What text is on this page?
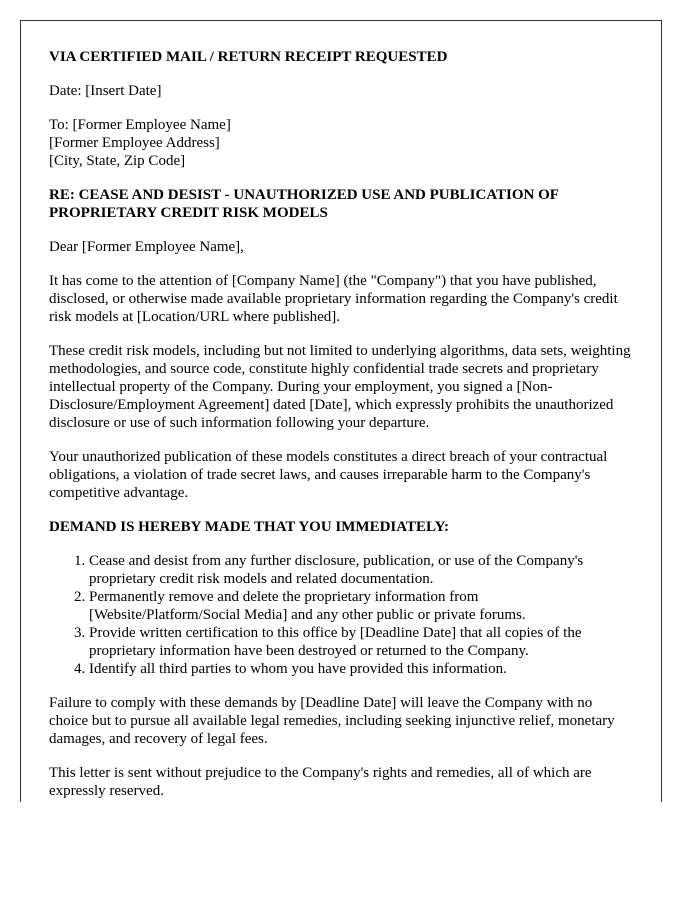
VIA CERTIFIED MAIL / RETURN RECEIPT REQUESTED

Date: [Insert Date]

To: [Former Employee Name]
[Former Employee Address]
[City, State, Zip Code]

RE: CEASE AND DESIST - UNAUTHORIZED USE AND PUBLICATION OF PROPRIETARY CREDIT RISK MODELS

Dear [Former Employee Name],

It has come to the attention of [Company Name] (the "Company") that you have published, disclosed, or otherwise made available proprietary information regarding the Company's credit risk models at [Location/URL where published].

These credit risk models, including but not limited to underlying algorithms, data sets, weighting methodologies, and source code, constitute highly confidential trade secrets and proprietary intellectual property of the Company. During your employment, you signed a [Non-Disclosure/Employment Agreement] dated [Date], which expressly prohibits the unauthorized disclosure or use of such information following your departure.

Your unauthorized publication of these models constitutes a direct breach of your contractual obligations, a violation of trade secret laws, and causes irreparable harm to the Company's competitive advantage.

DEMAND IS HEREBY MADE THAT YOU IMMEDIATELY:
1. Cease and desist from any further disclosure, publication, or use of the Company's proprietary credit risk models and related documentation.
2. Permanently remove and delete the proprietary information from [Website/Platform/Social Media] and any other public or private forums.
3. Provide written certification to this office by [Deadline Date] that all copies of the proprietary information have been destroyed or returned to the Company.
4. Identify all third parties to whom you have provided this information.

Failure to comply with these demands by [Deadline Date] will leave the Company with no choice but to pursue all available legal remedies, including seeking injunctive relief, monetary damages, and recovery of legal fees.

This letter is sent without prejudice to the Company's rights and remedies, all of which are expressly reserved.
